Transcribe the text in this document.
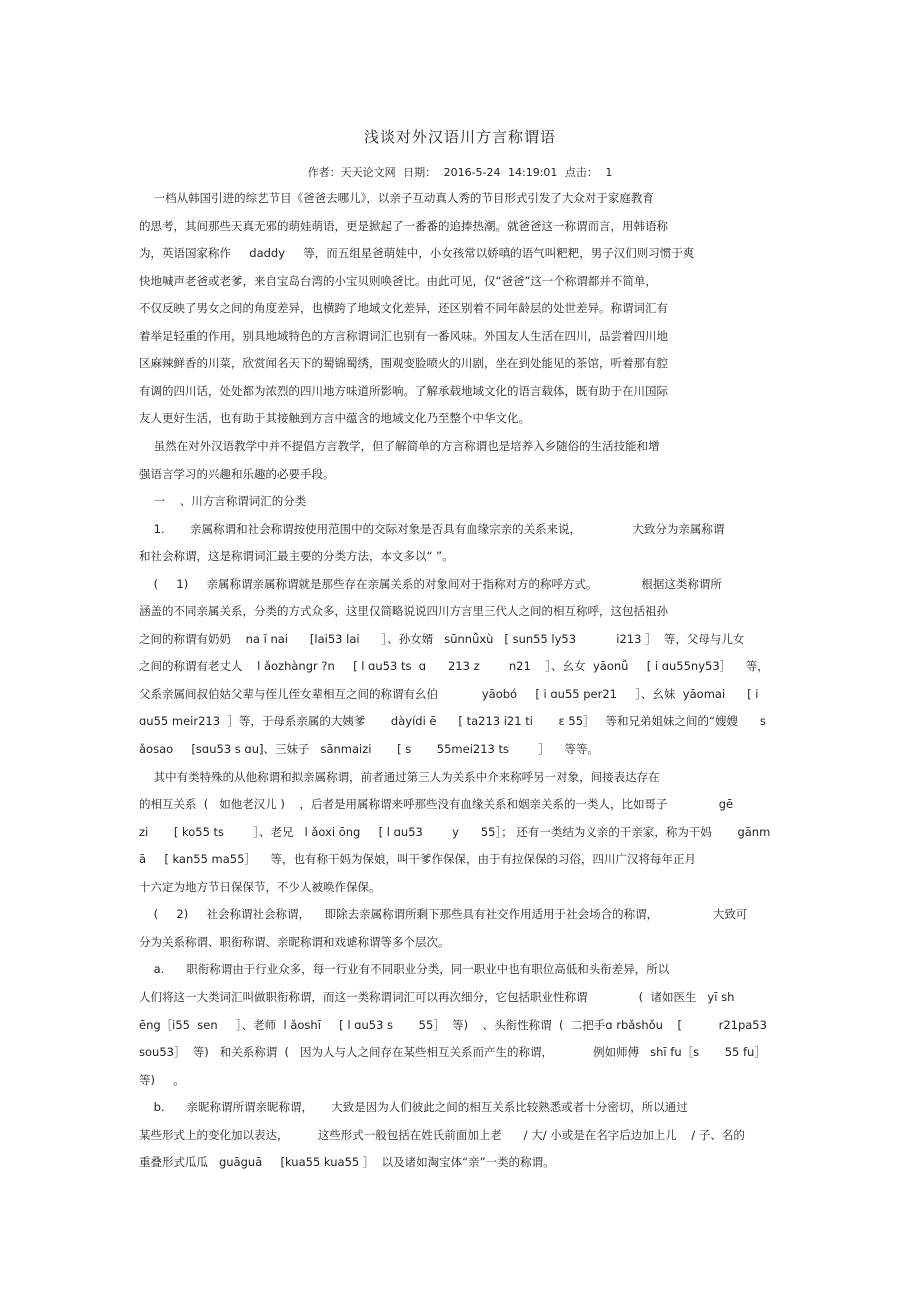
浅谈对外汉语川方言称谓语
作者：天天论文网 日期： 2016-5-24 14:19:01 点击： 1
一档从韩国引进的综艺节目《爸爸去哪儿》，以亲子互动真人秀的节目形式引发了大众对于家庭教育
的思考，其间那些天真无邪的萌娃萌语，更是掀起了一番番的追捧热潮。就爸爸这一称谓而言，用韩语称
为，英语国家称作     daddy     等，而五组星爸萌娃中，小女孩常以娇嗔的语气叫粑粑，男子汉们则习惯于爽
快地喊声老爸或老爹，来自宝岛台湾的小宝贝则唤爸比。由此可见，仅“爸爸”这一个称谓都并不简单，
不仅反映了男女之间的角度差异，也横跨了地域文化差异，还区别着不同年龄层的处世差异。称谓词汇有
着举足轻重的作用，别具地域特色的方言称谓词汇也别有一番风味。外国友人生活在四川，品尝着四川地
区麻辣鲜香的川菜，欣赏闻名天下的蜀锦蜀绣，围观变脸喷火的川剧，坐在到处能见的茶馆，听着那有腔
有调的四川话，处处都为浓烈的四川地方味道所影响。了解承载地域文化的语言载体，既有助于在川国际
友人更好生活，也有助于其接触到方言中蕴含的地域文化乃至整个中华文化。
虽然在对外汉语教学中并不提倡方言教学，但了解简单的方言称谓也是培养入乡随俗的生活技能和增
强语言学习的兴趣和乐趣的必要手段。
一    、川方言称谓词汇的分类
1.       亲属称谓和社会称谓按使用范围中的交际对象是否具有血缘宗亲的关系来说，              大致分为亲属称谓
和社会称谓，这是称谓词汇最主要的分类方法，本文多以“ ”。
(     1)     亲属称谓亲属称谓就是那些存在亲属关系的对象间对于指称对方的称呼方式。            根据这类称谓所
涵盖的不同亲属关系，分类的方式众多，这里仅简略说说四川方言里三代人之间的相互称呼，这包括祖孙
之间的称谓有奶奶    na ĭ nai      [lai53 lai      ］、孙女婿   sūnnǚxù   [ sun55 ly53           i213 ］  等，父母与儿女
之间的称谓有老丈人    l ǎozhàngr ?n     [ l ɑu53 ts  ɑ      213 z        n21    ］、幺女  yāonǚ     [ i ɑu55ny53］    等，
父系亲属间叔伯姑父辈与侄儿侄女辈相互之间的称谓有幺伯            yāobó     [ i ɑu55 per21     ］、幺妹  yāomai      [ i
ɑu55 meir213  ］等，于母系亲属的大姨爹       dàyídi ē      [ ta213 i21 ti       ɛ 55］   等和兄弟姐妹之间的“嫂嫂      s
ǎosao     [sɑu53 s ɑu]、三妹子   sānmaizi       [ s       55mei213 ts        ］    等等。
其中有类特殊的从他称谓和拟亲属称谓，前者通过第三人为关系中介来称呼另一对象，间接表达存在
的相互关系  (   如他老汉儿 )    ，后者是用属称谓来呼那些没有血缘关系和姻亲关系的一类人，比如哥子              gē
zi       [ ko55 ts        ］、老兄   l ǎoxi ōng     [ l ɑu53        y      55］； 还有一类结为义亲的干亲家，称为干妈       gānm
ā     [ kan55 ma55］    等，也有称干妈为保娘，叫干爹作保保，由于有拉保保的习俗，四川广汉将每年正月
十六定为地方节日保保节，不少人被唤作保保。
(     2)     社会称谓社会称谓，    即除去亲属称谓所剩下那些具有社交作用适用于社会场合的称谓，               大致可
分为关系称谓、职衔称谓、亲昵称谓和戏谑称谓等多个层次。
a.      职衔称谓由于行业众多，每一行业有不同职业分类，同一职业中也有职位高低和头衔差异，所以
人们将这一大类词汇叫做职衔称谓，而这一类称谓词汇可以再次细分，它包括职业性称谓              (  诸如医生   yī sh
ēng［i55  sen     ］、老师  l ǎoshī     [ l ɑu53 s       55］  等)    、头衔性称谓  (  二把手ɑ rbǎshǒu    [          r21pa53
sou53］  等)   和关系称谓  (   因为人与人之间存在某些相互关系而产生的称谓，           例如师傅   shī fu［s       55 fu］
等)     。
b.      亲昵称谓所谓亲昵称谓，     大致是因为人们彼此之间的相互关系比较熟悉或者十分密切，所以通过
某些形式上的变化加以表达，        这些形式一般包括在姓氏前面加上老      / 大/ 小或是在名字后边加上儿    / 子、名的
重叠形式瓜瓜   guāguā     [kua55 kua55 ］  以及诸如淘宝体“亲”一类的称谓。
